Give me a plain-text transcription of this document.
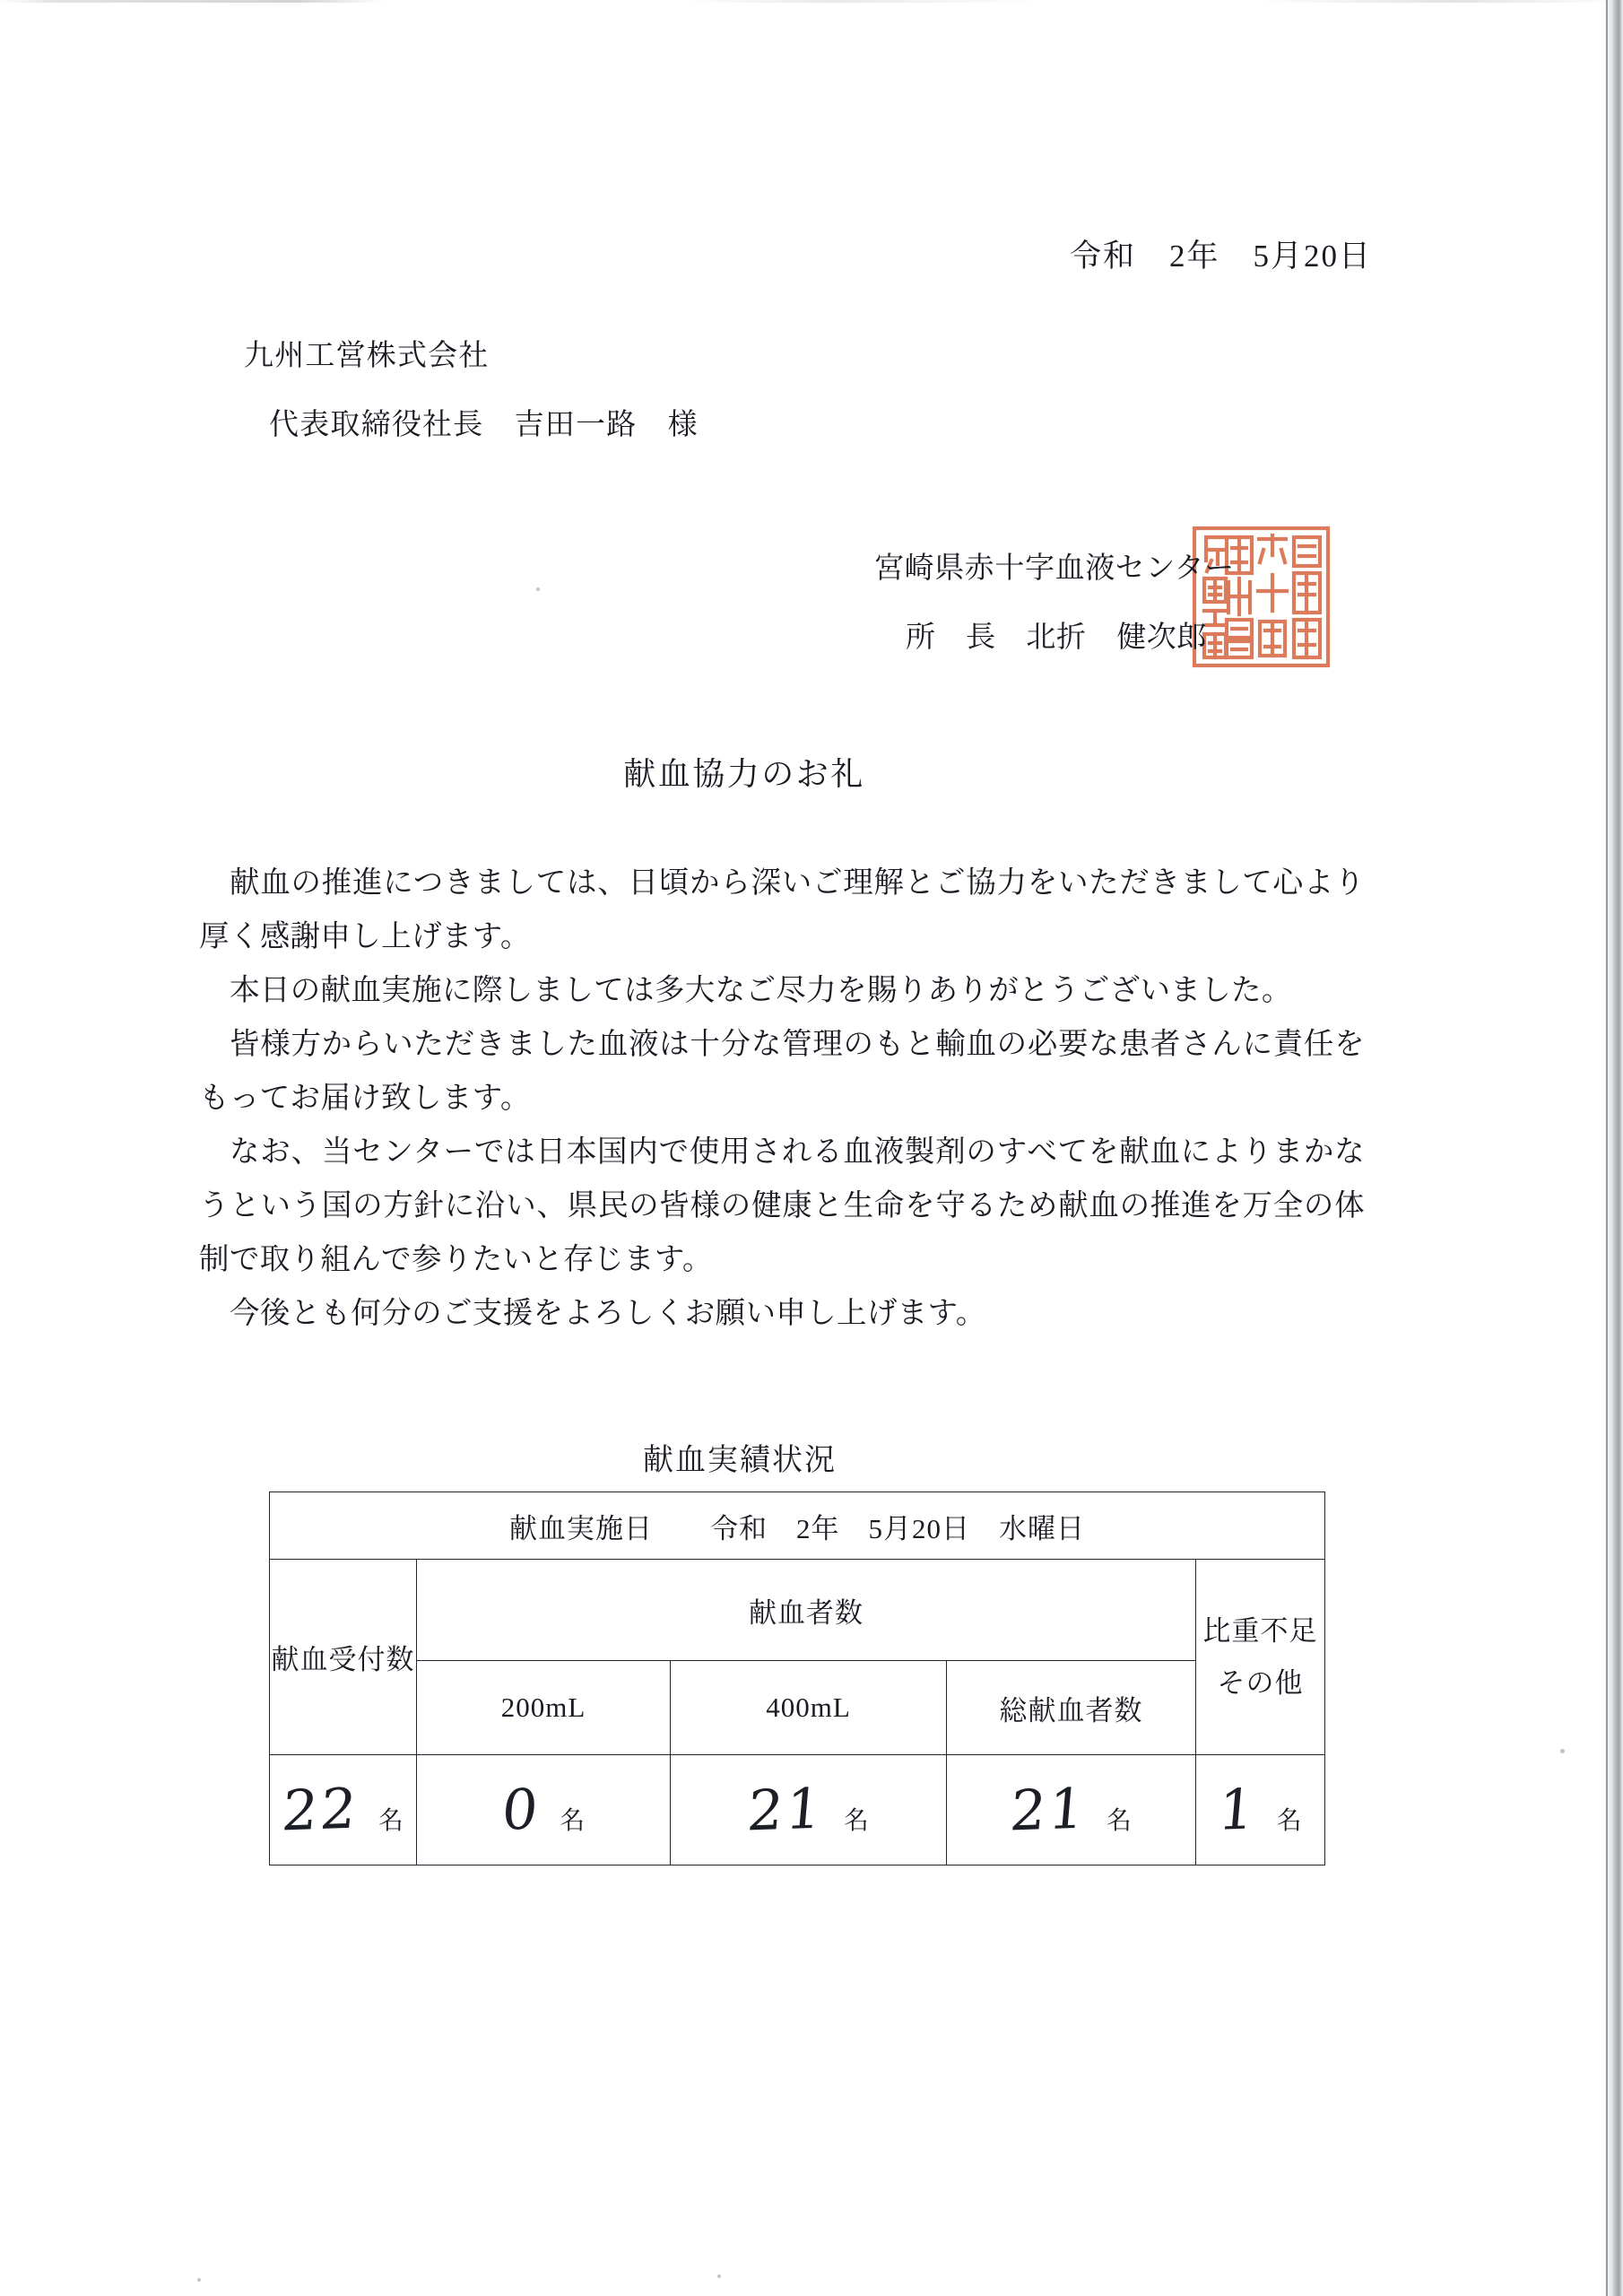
令和　2年　5月20日
九州工営株式会社
代表取締役社長　吉田一路　様
宮崎県赤十字血液センター
所　長　北折　健次郎
献血協力のお礼

献血の推進につきましては、日頃から深いご理解とご協力をいただきまして心より厚く感謝申し上げます。

本日の献血実施に際しましては多大なご尽力を賜りありがとうございました。

皆様方からいただきました血液は十分な管理のもと輸血の必要な患者さんに責任をもってお届け致します。

なお、当センターでは日本国内で使用される血液製剤のすべてを献血によりまかなうという国の方針に沿い、県民の皆様の健康と生命を守るため献血の推進を万全の体制で取り組んで参りたいと存じます。

今後とも何分のご支援をよろしくお願い申し上げます。

献血実績状況
献血実施日　　令和　2年　5月20日　水曜日				
献血受付数	献血者数			比重不足
その他

	200mL	400mL	総献血者数	

22 名	0 名	21 名	21 名	1 名
